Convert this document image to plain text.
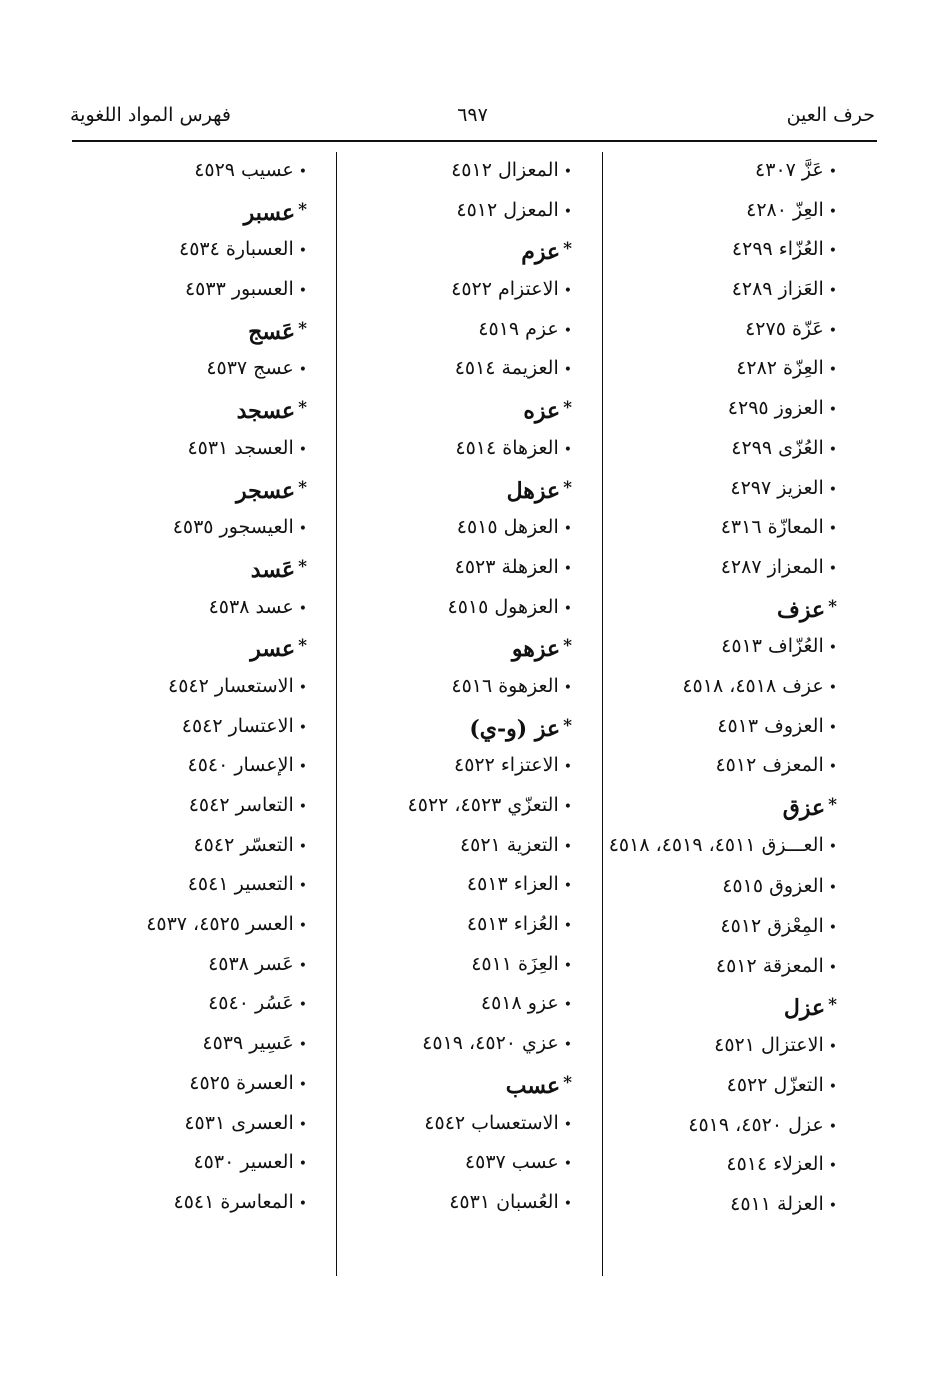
حرف العين
٦٩٧
فهرس المواد اللغوية
•عَزَّ ٤٣٠٧
•العِزّ ٤٢٨٠
•العُزّاء ٤٢٩٩
•العَزاز ٤٢٨٩
•عَزّة ٤٢٧٥
•العِزّة ٤٢٨٢
•العزوز ٤٢٩٥
•العُزّى ٤٢٩٩
•العزيز ٤٢٩٧
•المعازّة ٤٣١٦
•المعزاز ٤٢٨٧
*عزف
•العُزّاف ٤٥١٣
•عزف ٤٥١٨، ٤٥١٨
•العزوف ٤٥١٣
•المعزف ٤٥١٢
*عزق
•العـــزق ٤٥١١، ٤٥١٩، ٤٥١٨
•العزوق ٤٥١٥
•المِعْزق ٤٥١٢
•المعزقة ٤٥١٢
*عزل
•الاعتزال ٤٥٢١
•التعزّل ٤٥٢٢
•عزل ٤٥٢٠، ٤٥١٩
•العزلاء ٤٥١٤
•العزلة ٤٥١١
•المعزال ٤٥١٢
•المعزل ٤٥١٢
*عزم
•الاعتزام ٤٥٢٢
•عزم ٤٥١٩
•العزيمة ٤٥١٤
*عزه
•العزهاة ٤٥١٤
*عزهل
•العزهل ٤٥١٥
•العزهلة ٤٥٢٣
•العزهول ٤٥١٥
*عزهو
•العزهوة ٤٥١٦
*عز (و-ي)
•الاعتزاء ٤٥٢٢
•التعزّي ٤٥٢٣، ٤٥٢٢
•التعزية ٤٥٢١
•العزاء ٤٥١٣
•العُزاء ٤٥١٣
•العِزَة ٤٥١١
•عزو ٤٥١٨
•عزي ٤٥٢٠، ٤٥١٩
*عسب
•الاستعساب ٤٥٤٢
•عسب ٤٥٣٧
•العُسبان ٤٥٣١
•عسيب ٤٥٢٩
*عسبر
•العسبارة ٤٥٣٤
•العسبور ٤٥٣٣
*عَسج
•عسج ٤٥٣٧
*عسجد
•العسجد ٤٥٣١
*عسجر
•العيسجور ٤٥٣٥
*عَسد
•عسد ٤٥٣٨
*عسر
•الاستعسار ٤٥٤٢
•الاعتسار ٤٥٤٢
•الإعسار ٤٥٤٠
•التعاسر ٤٥٤٢
•التعسّر ٤٥٤٢
•التعسير ٤٥٤١
•العسر ٤٥٢٥، ٤٥٣٧
•عَسر ٤٥٣٨
•عَسُر ٤٥٤٠
•عَسِير ٤٥٣٩
•العسرة ٤٥٢٥
•العسرى ٤٥٣١
•العسير ٤٥٣٠
•المعاسرة ٤٥٤١
